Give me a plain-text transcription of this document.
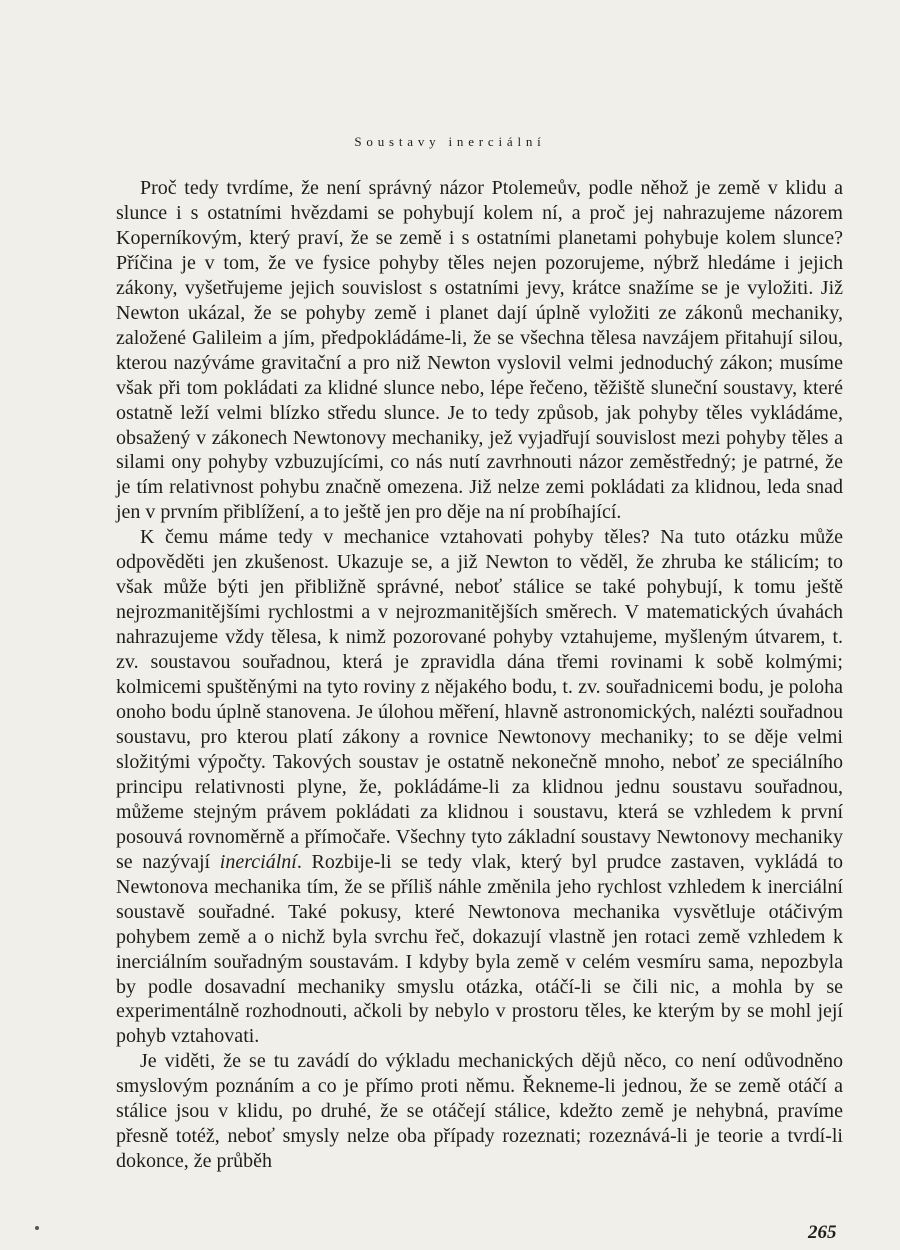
Soustavy inerciální

Proč tedy tvrdíme, že není správný názor Ptolemeův, podle něhož je země v klidu a slunce i s ostatními hvězdami se pohybují kolem ní, a proč jej nahrazujeme názorem Koperníkovým, který praví, že se země i s ostatními planetami pohybuje kolem slunce? Příčina je v tom, že ve fysice pohyby těles nejen pozorujeme, nýbrž hledáme i jejich zákony, vyšetřujeme jejich souvislost s ostatními jevy, krátce snažíme se je vyložiti. Již Newton ukázal, že se pohyby země i planet dají úplně vyložiti ze zákonů mechaniky, založené Galileim a jím, předpokládáme-li, že se všechna tělesa navzájem přitahují silou, kterou nazýváme gravitační a pro niž Newton vyslovil velmi jednoduchý zákon; musíme však při tom pokládati za klidné slunce nebo, lépe řečeno, těžiště sluneční soustavy, které ostatně leží velmi blízko středu slunce. Je to tedy způsob, jak pohyby těles vykládáme, obsažený v zákonech Newtonovy mechaniky, jež vyjadřují souvislost mezi pohyby těles a silami ony pohyby vzbuzujícími, co nás nutí zavrhnouti názor zeměstředný; je patrné, že je tím relativnost pohybu značně omezena. Již nelze zemi pokládati za klidnou, leda snad jen v prvním přiblížení, a to ještě jen pro děje na ní probíhající.

K čemu máme tedy v mechanice vztahovati pohyby těles? Na tuto otázku může odpověděti jen zkušenost. Ukazuje se, a již Newton to věděl, že zhruba ke stálicím; to však může býti jen přibližně správné, neboť stálice se také pohybují, k tomu ještě nejrozmanitějšími rychlostmi a v nejrozmanitějších směrech. V matematických úvahách nahrazujeme vždy tělesa, k nimž pozorované pohyby vztahujeme, myšleným útvarem, t. zv. soustavou souřadnou, která je zpravidla dána třemi rovinami k sobě kolmými; kolmicemi spuštěnými na tyto roviny z nějakého bodu, t. zv. souřadnicemi bodu, je poloha onoho bodu úplně stanovena. Je úlohou měření, hlavně astronomických, nalézti souřadnou soustavu, pro kterou platí zákony a rovnice Newtonovy mechaniky; to se děje velmi složitými výpočty. Takových soustav je ostatně nekonečně mnoho, neboť ze speciálního principu relativnosti plyne, že, pokládáme-li za klidnou jednu soustavu souřadnou, můžeme stejným právem pokládati za klidnou i soustavu, která se vzhledem k první posouvá rovnoměrně a přímočaře. Všechny tyto základní soustavy Newtonovy mechaniky se nazývají inerciální. Rozbije-li se tedy vlak, který byl prudce zastaven, vykládá to Newtonova mechanika tím, že se příliš náhle změnila jeho rychlost vzhledem k inerciální soustavě souřadné. Také pokusy, které Newtonova mechanika vysvětluje otáčivým pohybem země a o nichž byla svrchu řeč, dokazují vlastně jen rotaci země vzhledem k inerciálním souřadným soustavám. I kdyby byla země v celém vesmíru sama, nepozbyla by podle dosavadní mechaniky smyslu otázka, otáčí-li se čili nic, a mohla by se experimentálně rozhodnouti, ačkoli by nebylo v prostoru těles, ke kterým by se mohl její pohyb vztahovati.

Je viděti, že se tu zavádí do výkladu mechanických dějů něco, co není odůvodněno smyslovým poznáním a co je přímo proti němu. Řekneme-li jednou, že se země otáčí a stálice jsou v klidu, po druhé, že se otáčejí stálice, kdežto země je nehybná, pravíme přesně totéž, neboť smysly nelze oba případy rozeznati; rozeznává-li je teorie a tvrdí-li dokonce, že průběh

265
